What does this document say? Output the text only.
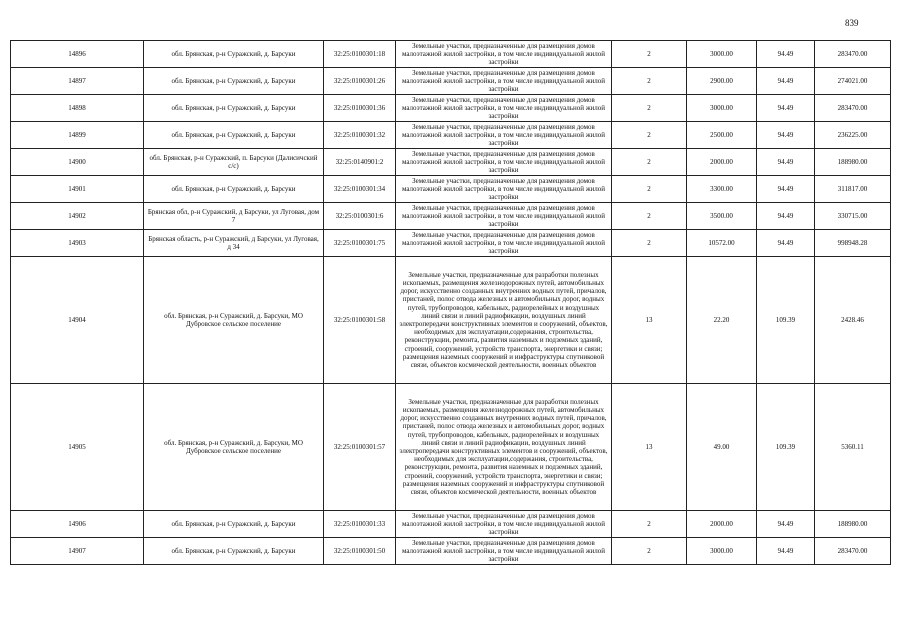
839
14896	обл. Брянская, р-н Суражский, д. Барсуки	32:25:0100301:18	Земельные участки, предназначенные для размещения домов малоэтажной жилой застройки, в том числе индивидуальной жилой застройки	2	3000.00	94.49	283470.00
14897	обл. Брянская, р-н Суражский, д. Барсуки	32:25:0100301:26	Земельные участки, предназначенные для размещения домов малоэтажной жилой застройки, в том числе индивидуальной жилой застройки	2	2900.00	94.49	274021.00
14898	обл. Брянская, р-н Суражский, д. Барсуки	32:25:0100301:36	Земельные участки, предназначенные для размещения домов малоэтажной жилой застройки, в том числе индивидуальной жилой застройки	2	3000.00	94.49	283470.00
14899	обл. Брянская, р-н Суражский, д. Барсуки	32:25:0100301:32	Земельные участки, предназначенные для размещения домов малоэтажной жилой застройки, в том числе индивидуальной жилой застройки	2	2500.00	94.49	236225.00
14900	обл. Брянская, р-н Суражский, п. Барсуки (Далисичский с/с)	32:25:0140901:2	Земельные участки, предназначенные для размещения домов малоэтажной жилой застройки, в том числе индивидуальной жилой застройки	2	2000.00	94.49	188980.00
14901	обл. Брянская, р-н Суражский, д. Барсуки	32:25:0100301:34	Земельные участки, предназначенные для размещения домов малоэтажной жилой застройки, в том числе индивидуальной жилой застройки	2	3300.00	94.49	311817.00
14902	Брянская обл, р-н Суражский, д Барсуки, ул Луговая, дом 7	32:25:0100301:6	Земельные участки, предназначенные для размещения домов малоэтажной жилой застройки, в том числе индивидуальной жилой застройки	2	3500.00	94.49	330715.00
14903	Брянская область, р-н Суражский, д Барсуки, ул Луговая, д 34	32:25:0100301:75	Земельные участки, предназначенные для размещения домов малоэтажной жилой застройки, в том числе индивидуальной жилой застройки	2	10572.00	94.49	998948.28
14904	обл. Брянская, р-н Суражский, д. Барсуки, МО Дубровское сельское поселение	32:25:0100301:58	Земельные участки, предназначенные для разработки полезных ископаемых, размещения железнодорожных путей, автомобильных дорог, искусственно созданных внутренних водных путей, причалов, пристаней, полос отвода железных и автомобильных дорог, водных путей, трубопроводов, кабельных, радиорелейных и воздушных линий связи и линий радиофикации, воздушных линий электропередачи конструктивных элементов и сооружений, объектов, необходимых для эксплуатации,содержания, строительства, реконструкции, ремонта, развития наземных и подземных зданий, строений, сооружений, устройств транспорта, энергетики и связи; размещения наземных сооружений и инфраструктуры спутниковой связи, объектов космической деятельности, военных объектов	13	22.20	109.39	2428.46
14905	обл. Брянская, р-н Суражский, д. Барсуки, МО Дубровское сельское поселение	32:25:0100301:57	Земельные участки, предназначенные для разработки полезных ископаемых, размещения железнодорожных путей, автомобильных дорог, искусственно созданных внутренних водных путей, причалов, пристаней, полос отвода железных и автомобильных дорог, водных путей, трубопроводов, кабельных, радиорелейных и воздушных линий связи и линий радиофикации, воздушных линий электропередачи конструктивных элементов и сооружений, объектов, необходимых для эксплуатации,содержания, строительства, реконструкции, ремонта, развития наземных и подземных зданий, строений, сооружений, устройств транспорта, энергетики и связи; размещения наземных сооружений и инфраструктуры спутниковой связи, объектов космической деятельности, военных объектов	13	49.00	109.39	5360.11
14906	обл. Брянская, р-н Суражский, д. Барсуки	32:25:0100301:33	Земельные участки, предназначенные для размещения домов малоэтажной жилой застройки, в том числе индивидуальной жилой застройки	2	2000.00	94.49	188980.00
14907	обл. Брянская, р-н Суражский, д. Барсуки	32:25:0100301:50	Земельные участки, предназначенные для размещения домов малоэтажной жилой застройки, в том числе индивидуальной жилой застройки	2	3000.00	94.49	283470.00
